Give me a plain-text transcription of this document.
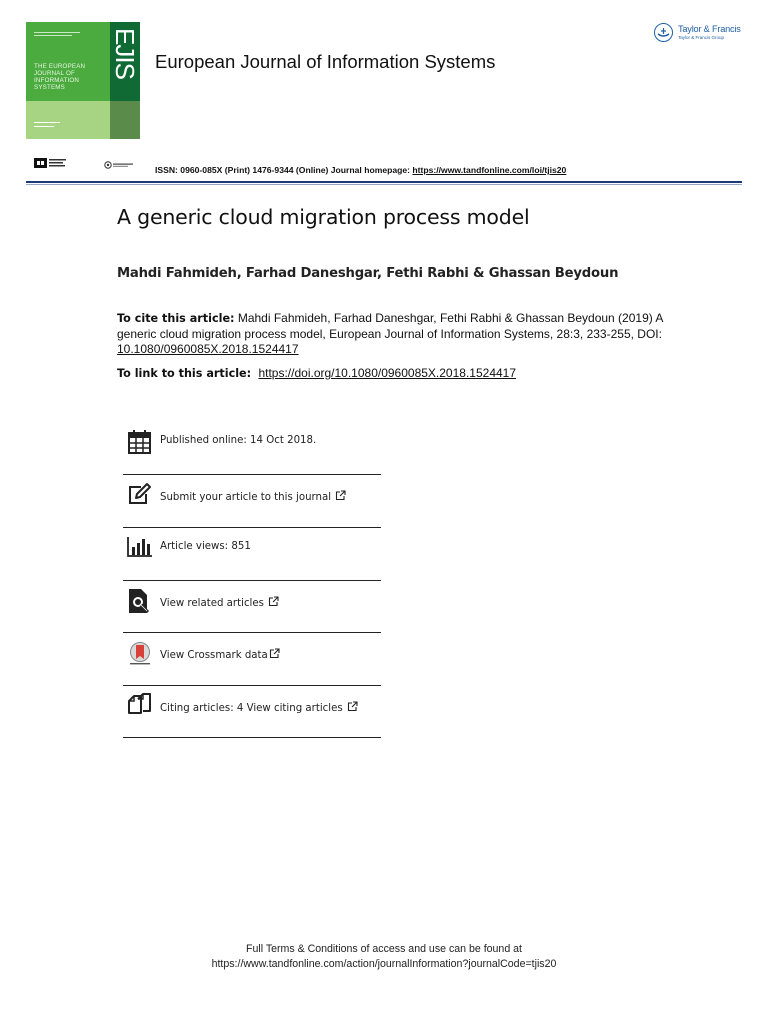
THE EUROPEAN JOURNAL OF INFORMATION SYSTEMS
EJIS European Journal of Information Systems
Taylor & Francis
Taylor & Francis Group
ISSN: 0960-085X (Print) 1476-9344 (Online) Journal homepage: https://www.tandfonline.com/loi/tjis20
A generic cloud migration process model
Mahdi Fahmideh, Farhad Daneshgar, Fethi Rabhi & Ghassan Beydoun
To cite this article: Mahdi Fahmideh, Farhad Daneshgar, Fethi Rabhi & Ghassan Beydoun (2019) A generic cloud migration process model, European Journal of Information Systems, 28:3, 233-255, DOI: 10.1080/0960085X.2018.1524417
To link to this article: https://doi.org/10.1080/0960085X.2018.1524417
Published online: 14 Oct 2018.
Submit your article to this journal
Article views: 851
View related articles
View Crossmark data
Citing articles: 4 View citing articles
Full Terms & Conditions of access and use can be found at
https://www.tandfonline.com/action/journalInformation?journalCode=tjis20
